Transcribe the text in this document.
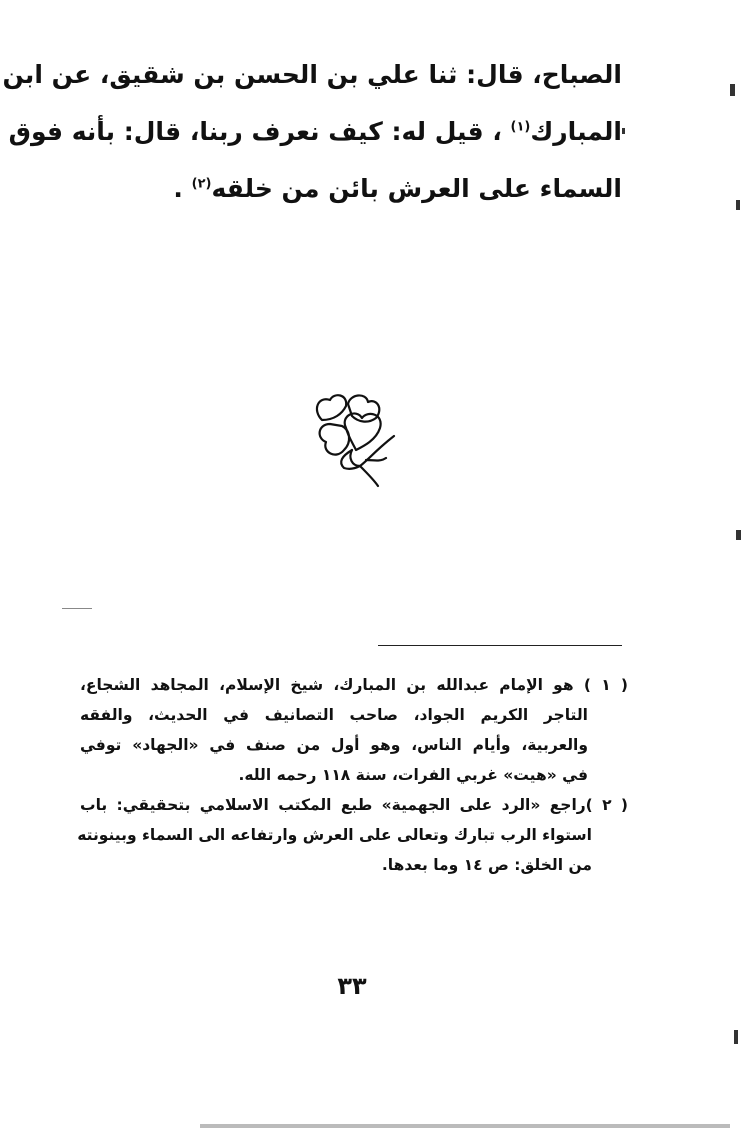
الصباح، قال: ثنا علي بن الحسن بن شقيق، عن ابن
المبارك$^{(١)}$ ، قيل له: كيف نعرف ربنا، قال: بأنه فوق
السماء على العرش بائن من خلقه$^{(٢)}$ .
( ١ ) هو الإمام عبدالله بن المبارك، شيخ الإسلام، المجاهد الشجاع،
التاجر الكريم الجواد، صاحب التصانيف في الحديث، والفقه
والعربية، وأيام الناس، وهو أول من صنف في «الجهاد» توفي
في «هيت» غربي الفرات، سنة ١١٨ رحمه الله.
( ٢ )راجع «الرد على الجهمية» طبع المكتب الاسلامي بتحقيقي: باب
استواء الرب تبارك وتعالى على العرش وارتفاعه الى السماء وبينونته
من الخلق: ص ١٤ وما بعدها.
٣٣
